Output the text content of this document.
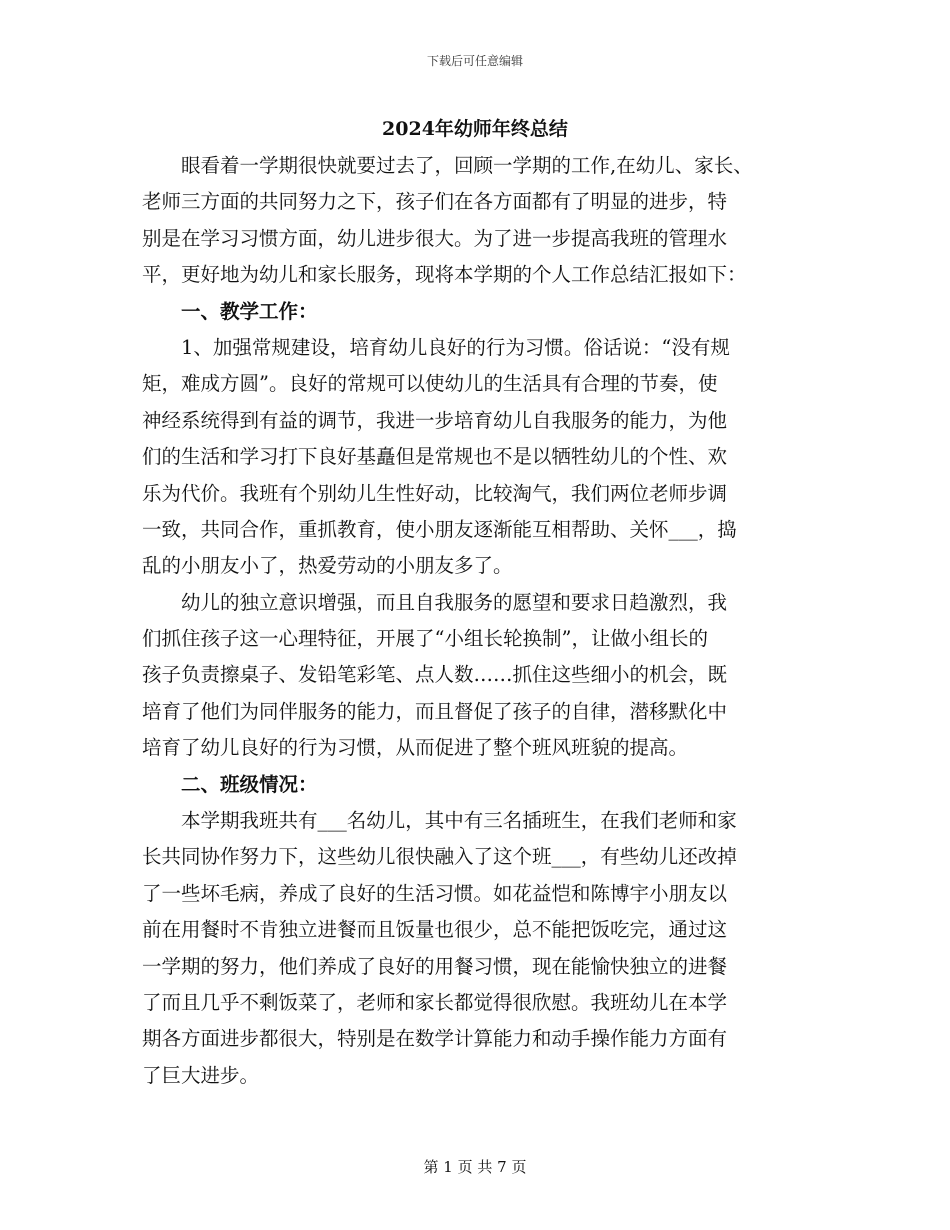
下载后可任意编辑
2024年幼师年终总结
　　眼看着一学期很快就要过去了，回顾一学期的工作,在幼儿、家长、
老师三方面的共同努力之下，孩子们在各方面都有了明显的进步，特
别是在学习习惯方面，幼儿进步很大。为了进一步提高我班的管理水
平，更好地为幼儿和家长服务，现将本学期的个人工作总结汇报如下：
　　一、教学工作：
　　1、加强常规建设，培育幼儿良好的行为习惯。俗话说：“没有规
矩，难成方圆”。良好的常规可以使幼儿的生活具有合理的节奏，使
神经系统得到有益的调节，我进一步培育幼儿自我服务的能力，为他
们的生活和学习打下良好基矗但是常规也不是以牺牲幼儿的个性、欢
乐为代价。我班有个别幼儿生性好动，比较淘气，我们两位老师步调
一致，共同合作，重抓教育，使小朋友逐渐能互相帮助、关怀___，捣
乱的小朋友小了，热爱劳动的小朋友多了。
　　幼儿的独立意识增强，而且自我服务的愿望和要求日趋激烈，我
们抓住孩子这一心理特征，开展了“小组长轮换制”，让做小组长的
孩子负责擦桌子、发铅笔彩笔、点人数……抓住这些细小的机会，既
培育了他们为同伴服务的能力，而且督促了孩子的自律，潜移默化中
培育了幼儿良好的行为习惯，从而促进了整个班风班貌的提高。
　　二、班级情况：
　　本学期我班共有___名幼儿，其中有三名插班生，在我们老师和家
长共同协作努力下，这些幼儿很快融入了这个班___，有些幼儿还改掉
了一些坏毛病，养成了良好的生活习惯。如花益恺和陈博宇小朋友以
前在用餐时不肯独立进餐而且饭量也很少，总不能把饭吃完，通过这
一学期的努力，他们养成了良好的用餐习惯，现在能愉快独立的进餐
了而且几乎不剩饭菜了，老师和家长都觉得很欣慰。我班幼儿在本学
期各方面进步都很大，特别是在数学计算能力和动手操作能力方面有
了巨大进步。
第 1 页 共 7 页
